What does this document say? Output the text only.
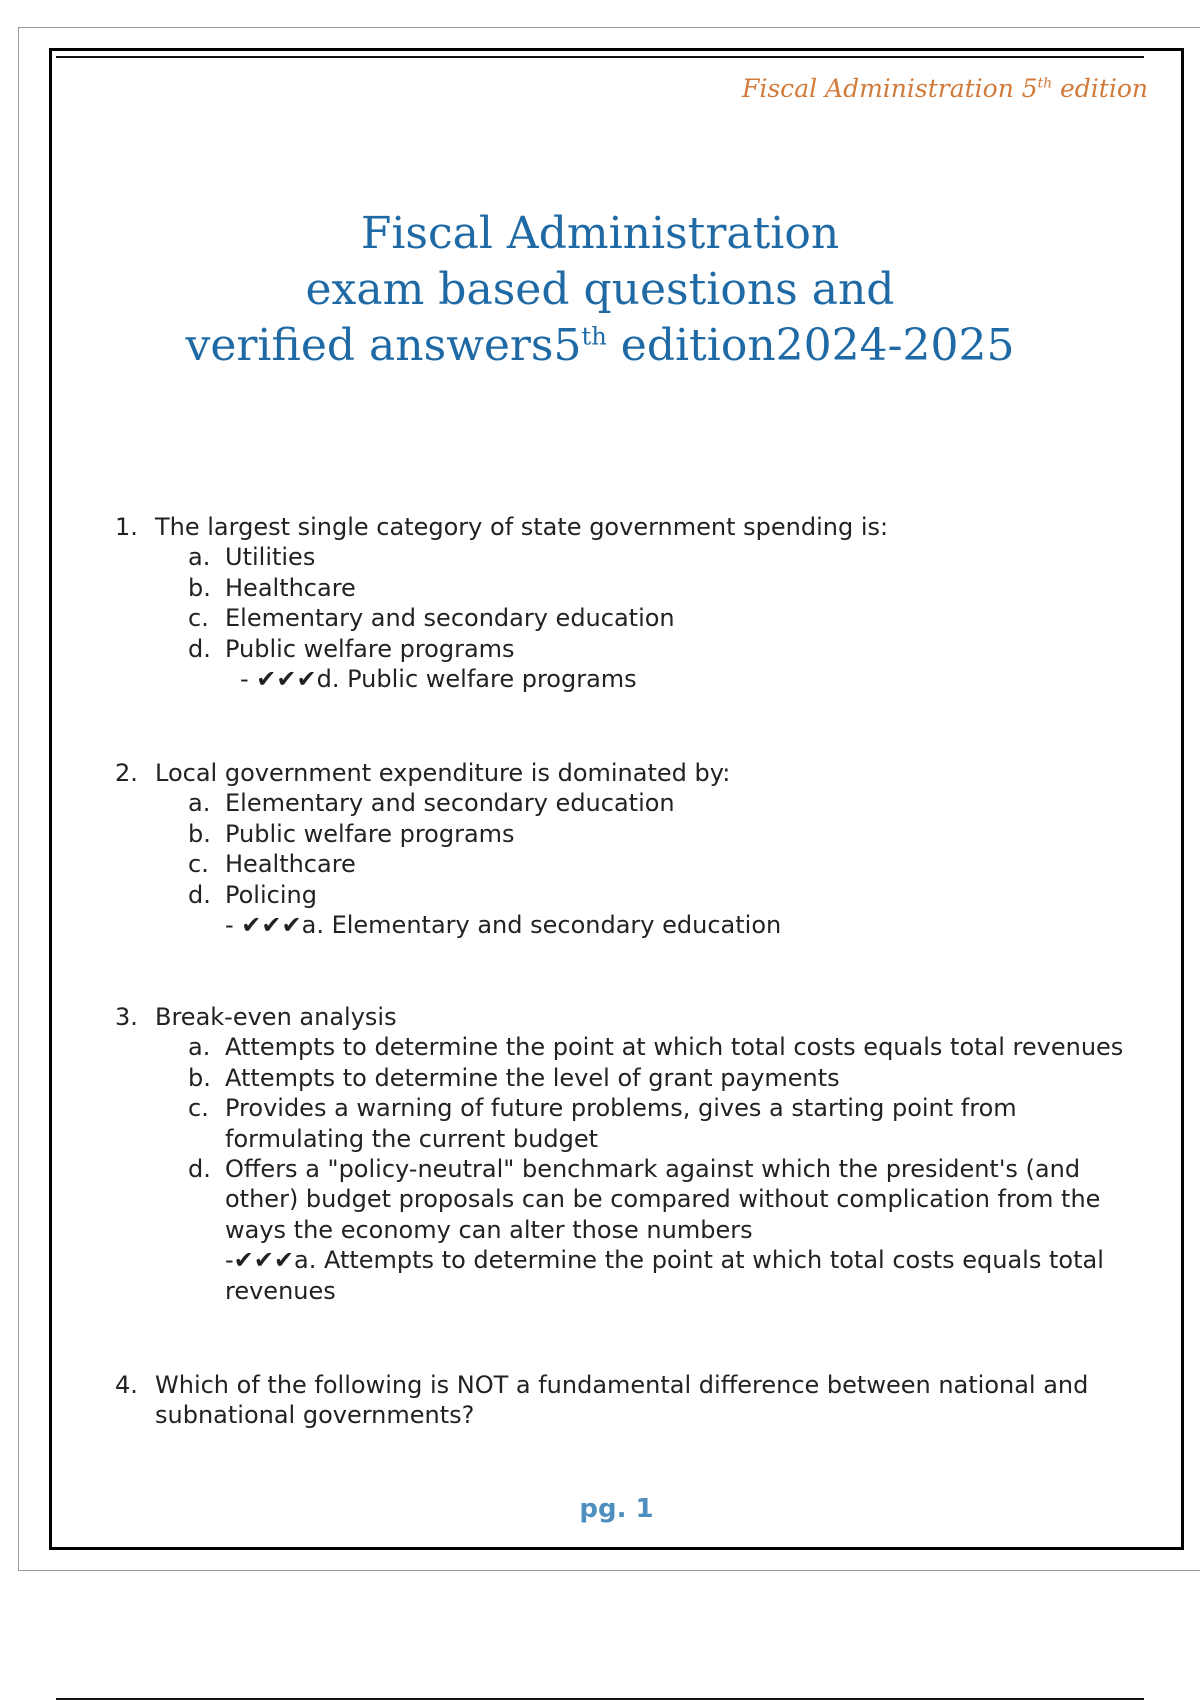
Fiscal Administration 5th edition
Fiscal Administration
exam based questions and
verified answers5th edition2024-2025
1. The largest single category of state government spending is:
a. Utilities
b. Healthcare
c. Elementary and secondary education
d. Public welfare programs
- ✔✔✔d. Public welfare programs
2. Local government expenditure is dominated by:
a. Elementary and secondary education
b. Public welfare programs
c. Healthcare
d. Policing
- ✔✔✔a. Elementary and secondary education
3. Break-even analysis
a. Attempts to determine the point at which total costs equals total revenues
b. Attempts to determine the level of grant payments
c. Provides a warning of future problems, gives a starting point from formulating the current budget
d. Offers a "policy-neutral" benchmark against which the president's (and other) budget proposals can be compared without complication from the ways the economy can alter those numbers
-✔✔✔a. Attempts to determine the point at which total costs equals total revenues
4. Which of the following is NOT a fundamental difference between national and subnational governments?
pg. 1
